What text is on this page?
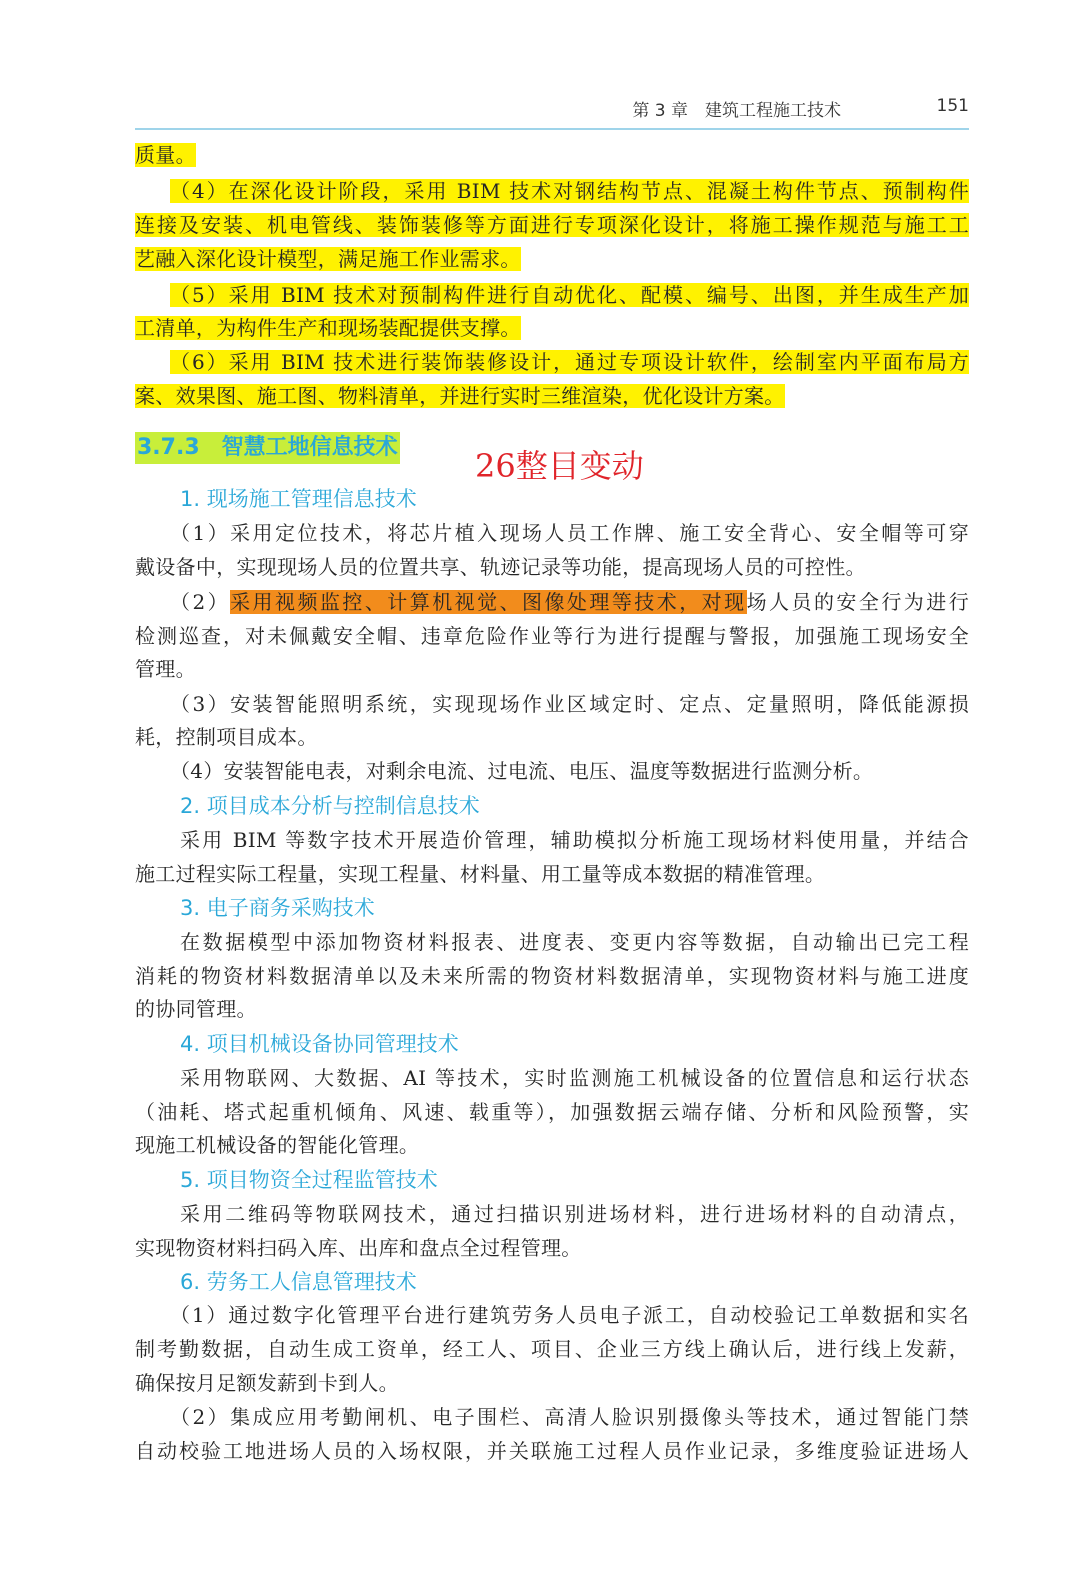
第 3 章　建筑工程施工技术	151
质量。
（4）在深化设计阶段，采用 BIM 技术对钢结构节点、混凝土构件节点、预制构件
连接及安装、机电管线、装饰装修等方面进行专项深化设计，将施工操作规范与施工工
艺融入深化设计模型，满足施工作业需求。
（5）采用 BIM 技术对预制构件进行自动优化、配模、编号、出图，并生成生产加
工清单，为构件生产和现场装配提供支撑。
（6）采用 BIM 技术进行装饰装修设计，通过专项设计软件，绘制室内平面布局方
案、效果图、施工图、物料清单，并进行实时三维渲染，优化设计方案。
3.7.3　智慧工地信息技术 26整目变动
1. 现场施工管理信息技术
（1）采用定位技术，将芯片植入现场人员工作牌、施工安全背心、安全帽等可穿
戴设备中，实现现场人员的位置共享、轨迹记录等功能，提高现场人员的可控性。
（2）采用视频监控、计算机视觉、图像处理等技术，对现场人员的安全行为进行
检测巡查，对未佩戴安全帽、违章危险作业等行为进行提醒与警报，加强施工现场安全
管理。
（3）安装智能照明系统，实现现场作业区域定时、定点、定量照明，降低能源损
耗，控制项目成本。
（4）安装智能电表，对剩余电流、过电流、电压、温度等数据进行监测分析。
2. 项目成本分析与控制信息技术
采用 BIM 等数字技术开展造价管理，辅助模拟分析施工现场材料使用量，并结合
施工过程实际工程量，实现工程量、材料量、用工量等成本数据的精准管理。
3. 电子商务采购技术
在数据模型中添加物资材料报表、进度表、变更内容等数据，自动输出已完工程
消耗的物资材料数据清单以及未来所需的物资材料数据清单，实现物资材料与施工进度
的协同管理。
4. 项目机械设备协同管理技术
采用物联网、大数据、AI 等技术，实时监测施工机械设备的位置信息和运行状态
（油耗、塔式起重机倾角、风速、载重等），加强数据云端存储、分析和风险预警，实
现施工机械设备的智能化管理。
5. 项目物资全过程监管技术
采用二维码等物联网技术，通过扫描识别进场材料，进行进场材料的自动清点，
实现物资材料扫码入库、出库和盘点全过程管理。
6. 劳务工人信息管理技术
（1）通过数字化管理平台进行建筑劳务人员电子派工，自动校验记工单数据和实名
制考勤数据，自动生成工资单，经工人、项目、企业三方线上确认后，进行线上发薪，
确保按月足额发薪到卡到人。
（2）集成应用考勤闸机、电子围栏、高清人脸识别摄像头等技术，通过智能门禁
自动校验工地进场人员的入场权限，并关联施工过程人员作业记录，多维度验证进场人
